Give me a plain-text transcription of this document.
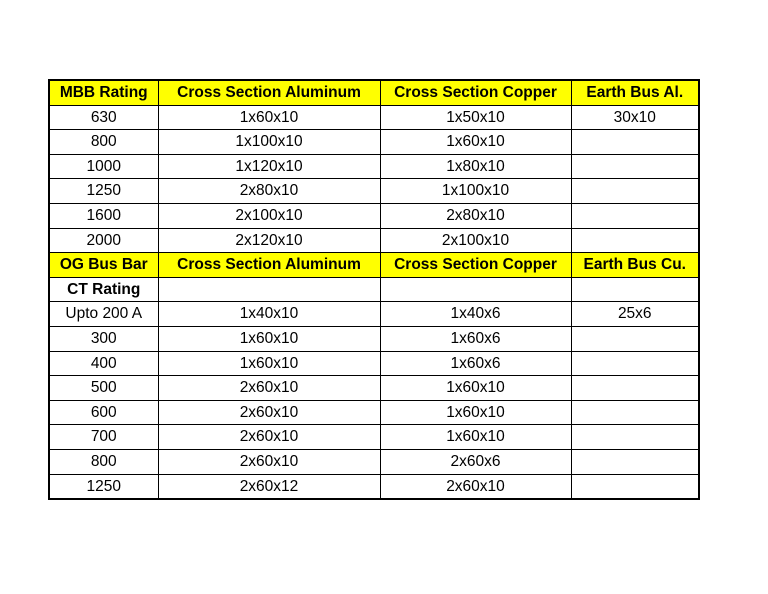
MBB Rating	Cross Section Aluminum	Cross Section Copper	Earth Bus Al.
630	1x60x10	1x50x10	30x10
800	1x100x10	1x60x10	
1000	1x120x10	1x80x10	
1250	2x80x10	1x100x10	
1600	2x100x10	2x80x10	
2000	2x120x10	2x100x10	
OG Bus Bar	Cross Section Aluminum	Cross Section Copper	Earth Bus Cu.
CT Rating			
Upto 200 A	1x40x10	1x40x6	25x6
300	1x60x10	1x60x6	
400	1x60x10	1x60x6	
500	2x60x10	1x60x10	
600	2x60x10	1x60x10	
700	2x60x10	1x60x10	
800	2x60x10	2x60x6	
1250	2x60x12	2x60x10	
